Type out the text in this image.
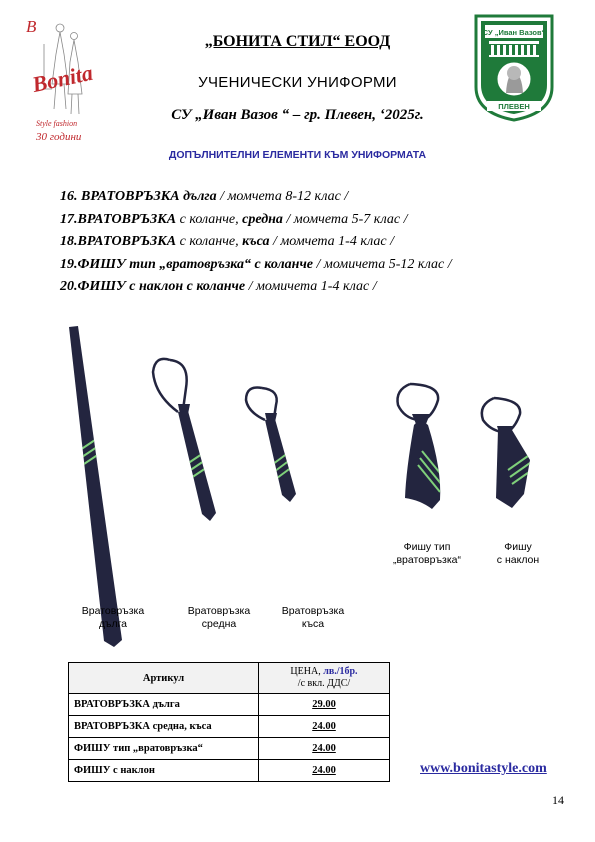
B
Bonita
Style fashion
30 години
СУ „Иван Вазов“
ПЛЕВЕН
„БОНИТА СТИЛ“ ЕООД
УЧЕНИЧЕСКИ УНИФОРМИ
СУ „Иван Вазов “ – гр. Плевен, ‘2025г.
ДОПЪЛНИТЕЛНИ ЕЛЕМЕНТИ КЪМ УНИФОРМАТА
16. ВРАТОВРЪЗКА дълга / момчета 8-12 клас /
17.ВРАТОВРЪЗКА с коланче, средна / момчета 5-7 клас /
18.ВРАТОВРЪЗКА с коланче, къса / момчета 1-4 клас /
19.ФИШУ тип „вратовръзка“ с коланче / момичета 5-12 клас /
20.ФИШУ с наклон с коланче / момичета 1-4 клас /
Вратовръзка
дълга
Вратовръзка
средна
Вратовръзка
къса
Фишу тип
„вратовръзка“
Фишу
с наклон
Артикул	ЦЕНА, лв./1бр.
/с вкл. ДДС/
ВРАТОВРЪЗКА дълга	29.00
ВРАТОВРЪЗКА средна, къса	24.00
ФИШУ тип „вратовръзка“	24.00
ФИШУ с наклон	24.00	www.bonitastyle.com
14
